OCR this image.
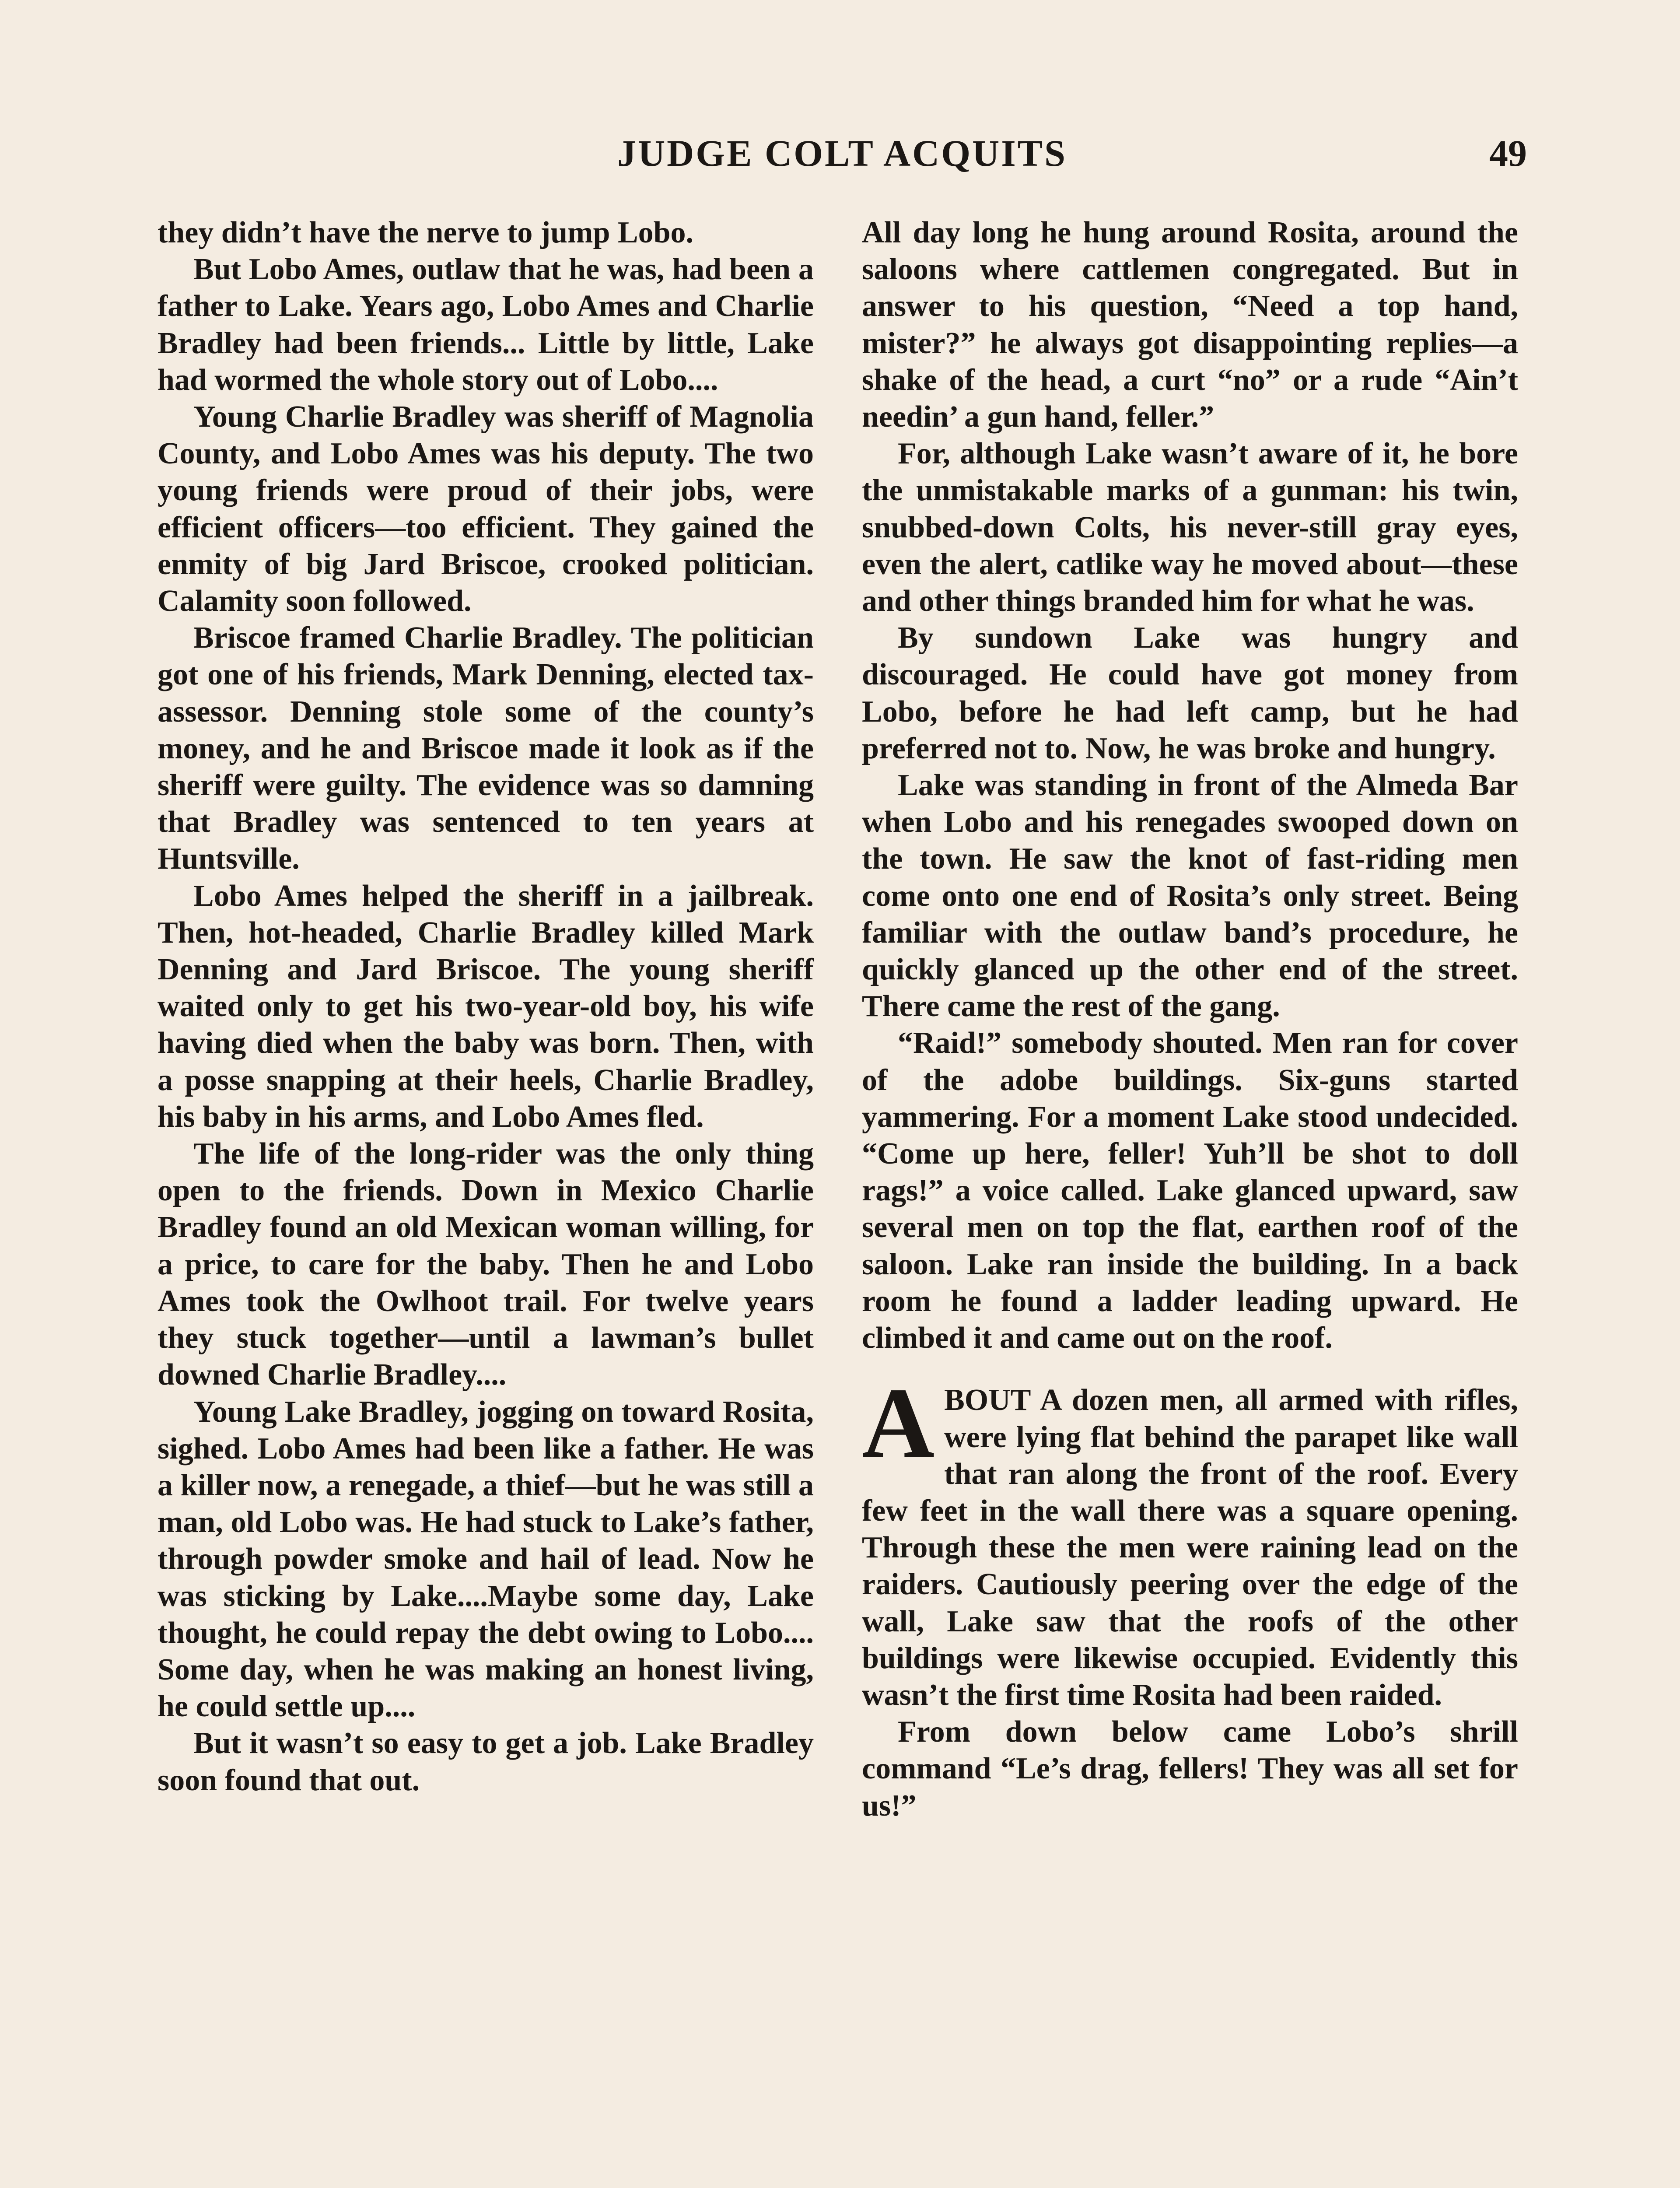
JUDGE COLT ACQUITS	49

they didn’t have the nerve to jump Lobo.

But Lobo Ames, outlaw that he was, had been a father to Lake. Years ago, Lobo Ames and Charlie Bradley had been friends... Little by little, Lake had wormed the whole story out of Lobo....

Young Charlie Bradley was sheriff of Magnolia County, and Lobo Ames was his deputy. The two young friends were proud of their jobs, were efficient officers—too efficient. They gained the enmity of big Jard Briscoe, crooked politician. Calamity soon followed.

Briscoe framed Charlie Bradley. The politician got one of his friends, Mark Denning, elected tax-assessor. Denning stole some of the county’s money, and he and Briscoe made it look as if the sheriff were guilty. The evidence was so damning that Bradley was sentenced to ten years at Huntsville.

Lobo Ames helped the sheriff in a jailbreak. Then, hot-headed, Charlie Bradley killed Mark Denning and Jard Briscoe. The young sheriff waited only to get his two-year-old boy, his wife having died when the baby was born. Then, with a posse snapping at their heels, Charlie Bradley, his baby in his arms, and Lobo Ames fled.

The life of the long-rider was the only thing open to the friends. Down in Mexico Charlie Bradley found an old Mexican woman willing, for a price, to care for the baby. Then he and Lobo Ames took the Owlhoot trail. For twelve years they stuck together—until a lawman’s bullet downed Charlie Bradley....

Young Lake Bradley, jogging on toward Rosita, sighed. Lobo Ames had been like a father. He was a killer now, a renegade, a thief—but he was still a man, old Lobo was. He had stuck to Lake’s father, through powder smoke and hail of lead. Now he was sticking by Lake....Maybe some day, Lake thought, he could repay the debt owing to Lobo.... Some day, when he was making an honest living, he could settle up....

But it wasn’t so easy to get a job. Lake Bradley soon found that out.

All day long he hung around Rosita, around the saloons where cattlemen congregated. But in answer to his question, “Need a top hand, mister?” he always got disappointing replies—a shake of the head, a curt “no” or a rude “Ain’t needin’ a gun hand, feller.”

For, although Lake wasn’t aware of it, he bore the unmistakable marks of a gunman: his twin, snubbed-down Colts, his never-still gray eyes, even the alert, catlike way he moved about—these and other things branded him for what he was.

By sundown Lake was hungry and discouraged. He could have got money from Lobo, before he had left camp, but he had preferred not to. Now, he was broke and hungry.

Lake was standing in front of the Almeda Bar when Lobo and his renegades swooped down on the town. He saw the knot of fast-riding men come onto one end of Rosita’s only street. Being familiar with the outlaw band’s procedure, he quickly glanced up the other end of the street. There came the rest of the gang.

“Raid!” somebody shouted. Men ran for cover of the adobe buildings. Six-guns started yammering. For a moment Lake stood undecided. “Come up here, feller! Yuh’ll be shot to doll rags!” a voice called. Lake glanced upward, saw several men on top the flat, earthen roof of the saloon. Lake ran inside the building. In a back room he found a ladder leading upward. He climbed it and came out on the roof.

ABOUT A dozen men, all armed with rifles, were lying flat behind the parapet like wall that ran along the front of the roof. Every few feet in the wall there was a square opening. Through these the men were raining lead on the raiders. Cautiously peering over the edge of the wall, Lake saw that the roofs of the other buildings were likewise occupied. Evidently this wasn’t the first time Rosita had been raided.

From down below came Lobo’s shrill command “Le’s drag, fellers! They was all set for us!”
